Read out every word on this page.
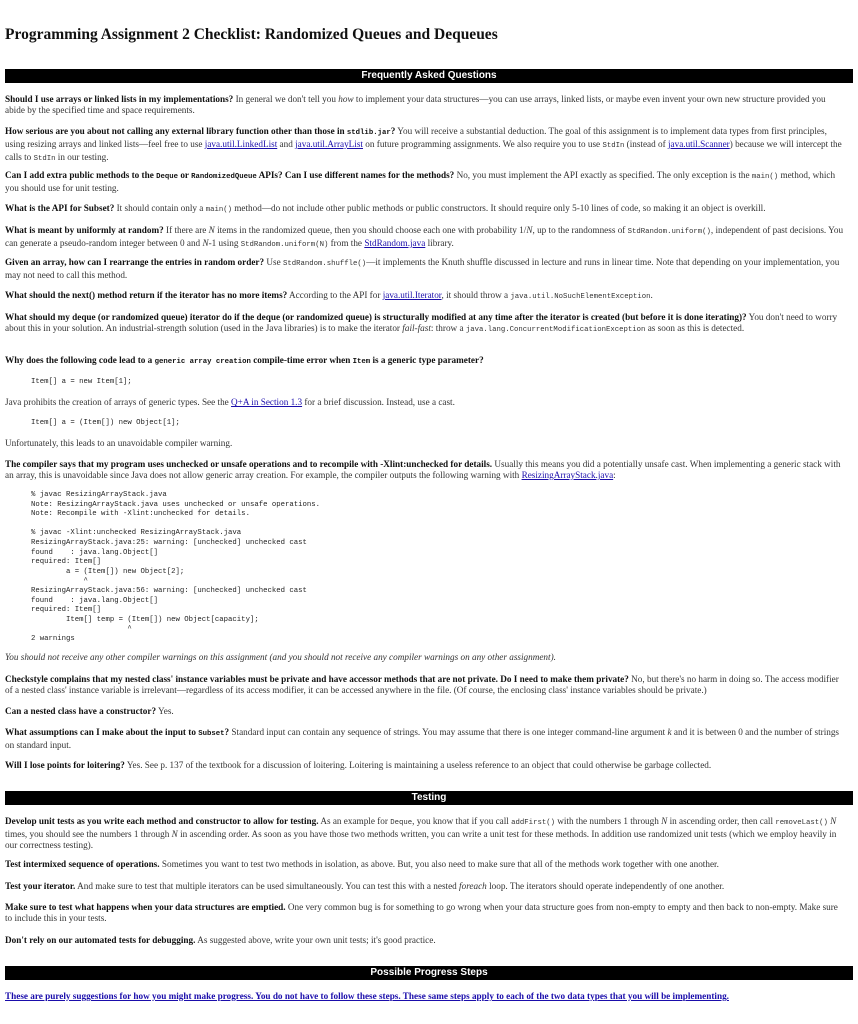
Programming Assignment 2 Checklist: Randomized Queues and Dequeues
Frequently Asked Questions

Should I use arrays or linked lists in my implementations? In general we don't tell you how to implement your data structures—you can use arrays, linked lists, or maybe even invent your own new structure provided you abide by the specified time and space requirements.

How serious are you about not calling any external library function other than those in stdlib.jar? You will receive a substantial deduction. The goal of this assignment is to implement data types from first principles, using resizing arrays and linked lists—feel free to use java.util.LinkedList and java.util.ArrayList on future programming assignments. We also require you to use StdIn (instead of java.util.Scanner) because we will intercept the calls to StdIn in our testing.

Can I add extra public methods to the Deque or RandomizedQueue APIs? Can I use different names for the methods? No, you must implement the API exactly as specified. The only exception is the main() method, which you should use for unit testing.

What is the API for Subset? It should contain only a main() method—do not include other public methods or public constructors. It should require only 5-10 lines of code, so making it an object is overkill.

What is meant by uniformly at random? If there are N items in the randomized queue, then you should choose each one with probability 1/N, up to the randomness of StdRandom.uniform(), independent of past decisions. You can generate a pseudo-random integer between 0 and N-1 using StdRandom.uniform(N) from the StdRandom.java library.

Given an array, how can I rearrange the entries in random order? Use StdRandom.shuffle()—it implements the Knuth shuffle discussed in lecture and runs in linear time. Note that depending on your implementation, you may not need to call this method.

What should the next() method return if the iterator has no more items? According to the API for java.util.Iterator, it should throw a java.util.NoSuchElementException.

What should my deque (or randomized queue) iterator do if the deque (or randomized queue) is structurally modified at any time after the iterator is created (but before it is done iterating)? You don't need to worry about this in your solution. An industrial-strength solution (used in the Java libraries) is to make the iterator fail-fast: throw a java.lang.ConcurrentModificationException as soon as this is detected.

Why does the following code lead to a generic array creation compile-time error when Item is a generic type parameter?

Item[] a = new Item[1];

Java prohibits the creation of arrays of generic types. See the Q+A in Section 1.3 for a brief discussion. Instead, use a cast.

Item[] a = (Item[]) new Object[1];

Unfortunately, this leads to an unavoidable compiler warning.

The compiler says that my program uses unchecked or unsafe operations and to recompile with -Xlint:unchecked for details. Usually this means you did a potentially unsafe cast. When implementing a generic stack with an array, this is unavoidable since Java does not allow generic array creation. For example, the compiler outputs the following warning with ResizingArrayStack.java:

% javac ResizingArrayStack.java
Note: ResizingArrayStack.java uses unchecked or unsafe operations.
Note: Recompile with -Xlint:unchecked for details.

% javac -Xlint:unchecked ResizingArrayStack.java
ResizingArrayStack.java:25: warning: [unchecked] unchecked cast
found    : java.lang.Object[]
required: Item[]
a = (Item[]) new Object[2];
^
ResizingArrayStack.java:56: warning: [unchecked] unchecked cast
found    : java.lang.Object[]
required: Item[]
Item[] temp = (Item[]) new Object[capacity];
^
2 warnings

You should not receive any other compiler warnings on this assignment (and you should not receive any compiler warnings on any other assignment).

Checkstyle complains that my nested class' instance variables must be private and have accessor methods that are not private. Do I need to make them private? No, but there's no harm in doing so. The access modifier of a nested class' instance variable is irrelevant—regardless of its access modifier, it can be accessed anywhere in the file. (Of course, the enclosing class' instance variables should be private.)

Can a nested class have a constructor? Yes.

What assumptions can I make about the input to Subset? Standard input can contain any sequence of strings. You may assume that there is one integer command-line argument k and it is between 0 and the number of strings on standard input.

Will I lose points for loitering? Yes. See p. 137 of the textbook for a discussion of loitering. Loitering is maintaining a useless reference to an object that could otherwise be garbage collected.

Testing

Develop unit tests as you write each method and constructor to allow for testing. As an example for Deque, you know that if you call addFirst() with the numbers 1 through N in ascending order, then call removeLast() N times, you should see the numbers 1 through N in ascending order. As soon as you have those two methods written, you can write a unit test for these methods. In addition use randomized unit tests (which we employ heavily in our correctness testing).

Test intermixed sequence of operations. Sometimes you want to test two methods in isolation, as above. But, you also need to make sure that all of the methods work together with one another.

Test your iterator. And make sure to test that multiple iterators can be used simultaneously. You can test this with a nested foreach loop. The iterators should operate independently of one another.

Make sure to test what happens when your data structures are emptied. One very common bug is for something to go wrong when your data structure goes from non-empty to empty and then back to non-empty. Make sure to include this in your tests.

Don't rely on our automated tests for debugging. As suggested above, write your own unit tests; it's good practice.

Possible Progress Steps

These are purely suggestions for how you might make progress. You do not have to follow these steps. These same steps apply to each of the two data types that you will be implementing.
